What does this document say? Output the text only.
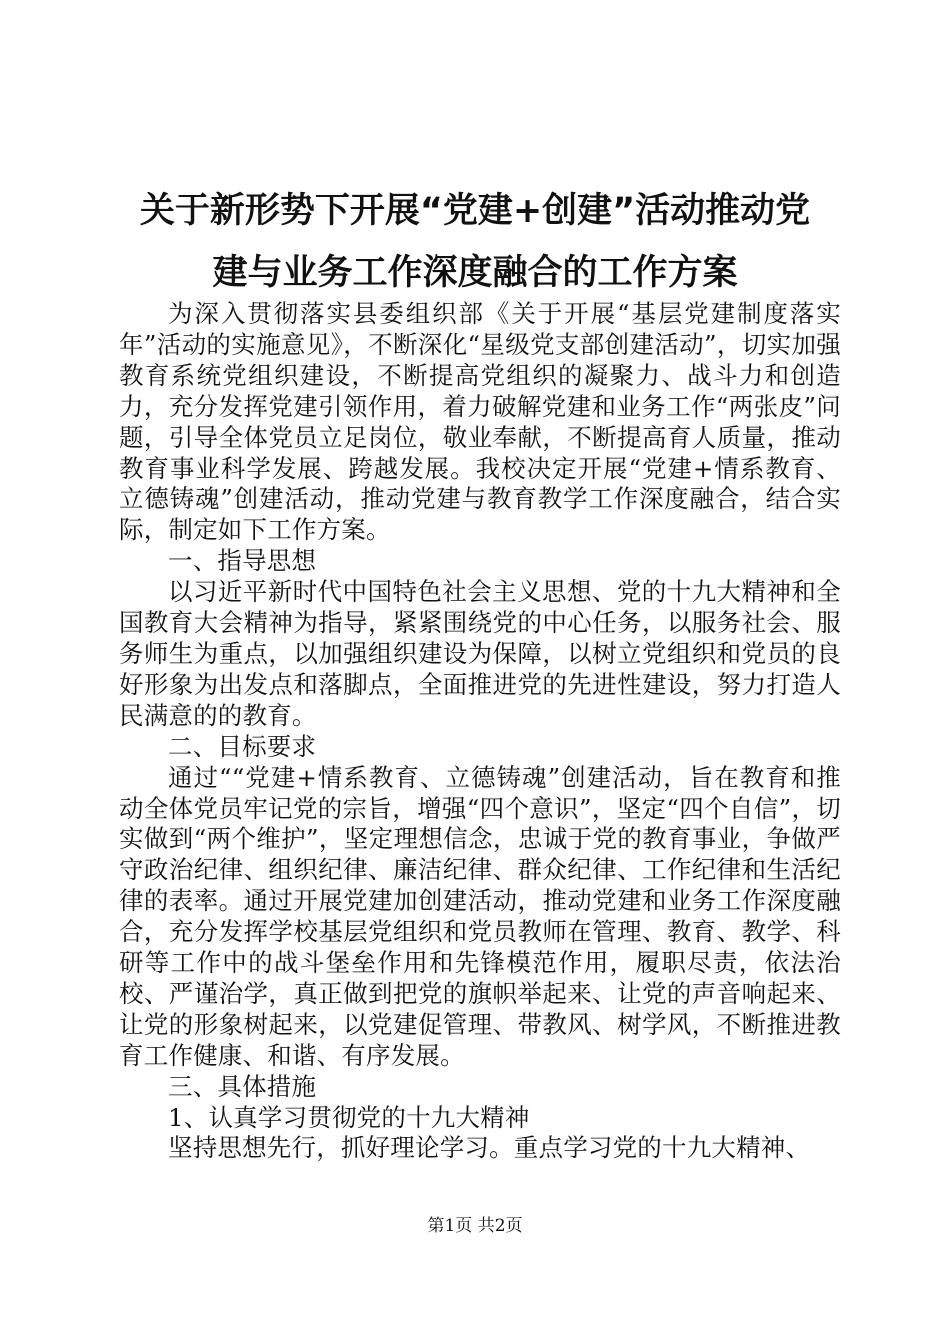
关于新形势下开展“党建+创建”活动推动党
建与业务工作深度融合的工作方案

为深入贯彻落实县委组织部《关于开展“基层党建制度落实年”活动的实施意见》，不断深化“星级党支部创建活动”，切实加强教育系统党组织建设，不断提高党组织的凝聚力、战斗力和创造力，充分发挥党建引领作用，着力破解党建和业务工作“两张皮”问题，引导全体党员立足岗位，敬业奉献，不断提高育人质量，推动教育事业科学发展、跨越发展。我校决定开展“党建+情系教育、立德铸魂”创建活动，推动党建与教育教学工作深度融合，结合实际，制定如下工作方案。

一、指导思想

以习近平新时代中国特色社会主义思想、党的十九大精神和全国教育大会精神为指导，紧紧围绕党的中心任务，以服务社会、服务师生为重点，以加强组织建设为保障，以树立党组织和党员的良好形象为出发点和落脚点，全面推进党的先进性建设，努力打造人民满意的的教育。

二、目标要求

通过““党建+情系教育、立德铸魂”创建活动，旨在教育和推动全体党员牢记党的宗旨，增强“四个意识”，坚定“四个自信”，切实做到“两个维护”，坚定理想信念，忠诚于党的教育事业，争做严守政治纪律、组织纪律、廉洁纪律、群众纪律、工作纪律和生活纪律的表率。通过开展党建加创建活动，推动党建和业务工作深度融合，充分发挥学校基层党组织和党员教师在管理、教育、教学、科研等工作中的战斗堡垒作用和先锋模范作用，履职尽责，依法治校、严谨治学，真正做到把党的旗帜举起来、让党的声音响起来、让党的形象树起来，以党建促管理、带教风、树学风，不断推进教育工作健康、和谐、有序发展。

三、具体措施

1、认真学习贯彻党的十九大精神

坚持思想先行，抓好理论学习。重点学习党的十九大精神、

第1页 共2页
